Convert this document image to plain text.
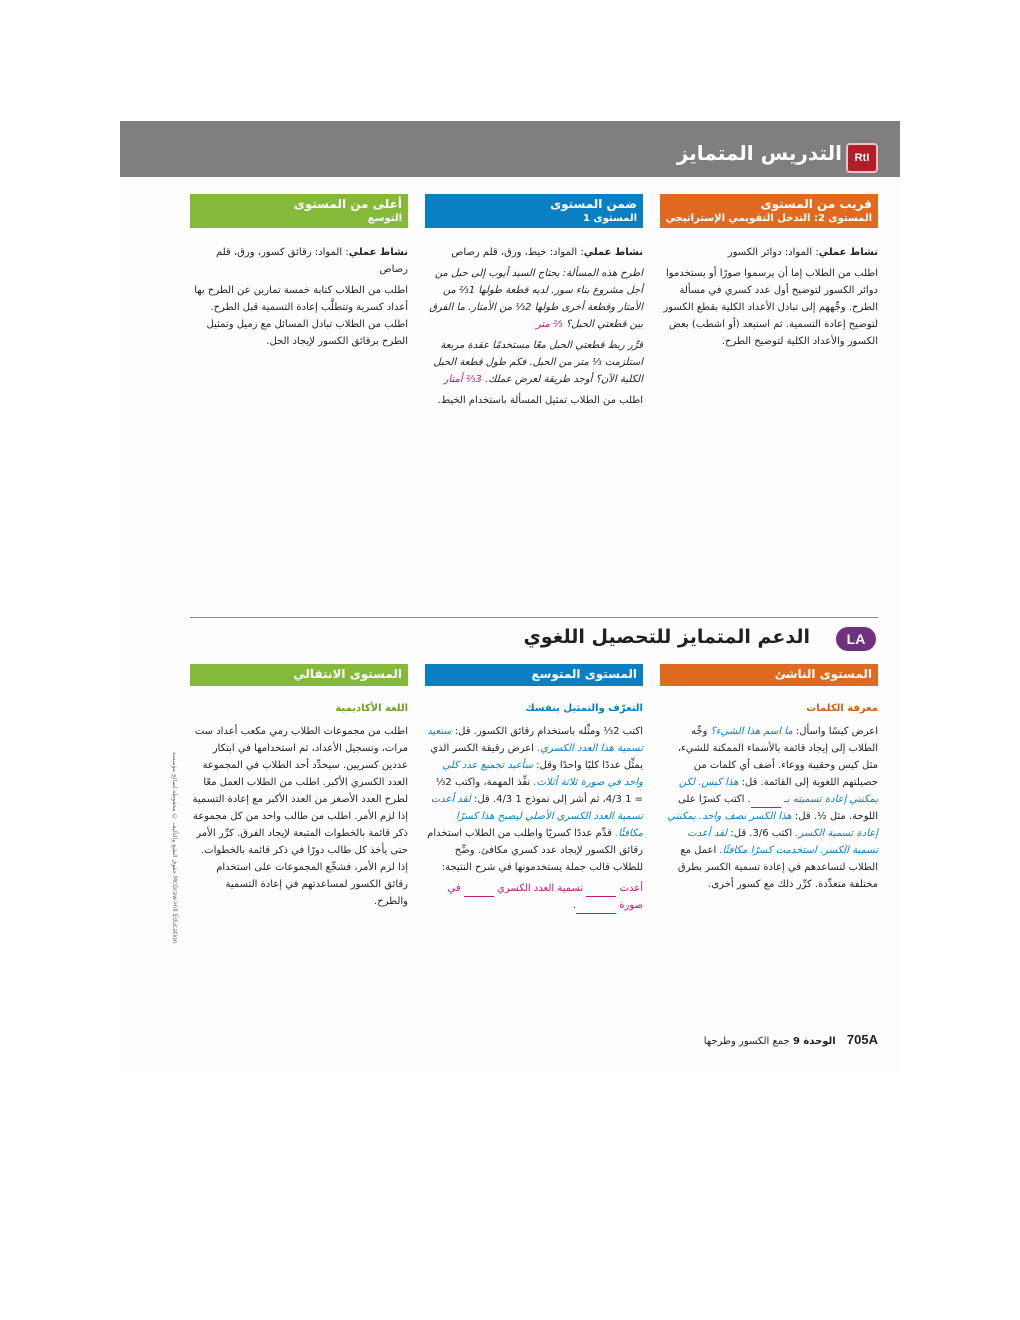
التدريس المتمايز	RtI
قريب من المستوى
المستوى 2: التدخل التقويمي الإستراتيجي
ضمن المستوى
المستوى 1
أعلى من المستوى
التوسع

نشاط عملي: المواد: دوائر الكسور

اطلب من الطلاب إما أن يرسموا صورًا أو يستخدموا دوائر الكسور لتوضيح أول عدد كسري في مسألة الطرح. وجِّههم إلى تبادل الأعداد الكلية بقطع الكسور لتوضيح إعادة التسمية. ثم استبعد (أو اشطب) بعض الكسور والأعداد الكلية لتوضيح الطرح.

نشاط عملي: المواد: خيط، ورق، قلم رصاص

اطرح هذه المسألة: يحتاج السيد أيوب إلى حبل من أجل مشروع بناء سور. لديه قطعة طولها 1⅔ من الأمتار وقطعة أخرى طولها 2⅓ من الأمتار. ما الفرق بين قطعتي الحبل؟ ⅔ متر

قرِّر ربط قطعتي الحبل معًا مستخدمًا عقدة مربعة استلزمت ⅓ متر من الحبل. فكم طول قطعة الحبل الكلية الآن؟ أوجد طريقة لعرض عملك. 3⅔ أمتار

اطلب من الطلاب تمثيل المسألة باستخدام الخيط.

نشاط عملي: المواد: رقائق كسور، ورق، قلم رصاص

اطلب من الطلاب كتابة خمسة تمارين عن الطرح بها أعداد كسرية وتتطلَّب إعادة التسمية قبل الطرح. اطلب من الطلاب تبادل المسائل مع زميل وتمثيل الطرح برقائق الكسور لإيجاد الحل.

LA
الدعم المتمايز للتحصيل اللغوي
المستوى الناشئ
المستوى المتوسع
المستوى الانتقالي
معرفة الكلمات

اعرض كيسًا واسأل: ما اسم هذا الشيء؟ وجِّه الطلاب إلى إيجاد قائمة بالأسماء الممكنة للشيء، مثل كيس وحقيبة ووعاء. أضف أي كلمات من حصيلتهم اللغوية إلى القائمة. قل: هذا كيس. لكن يمكنني إعادة تسميته بـ . اكتب كسرًا على اللوحة. مثل ½. قل: هذا الكسر نصف واحد. يمكنني إعادة تسمية الكسر. اكتب 3/6. قل: لقد أعدت تسمية الكسر. استخدمت كسرًا مكافئًا. اعمل مع الطلاب لتساعدهم في إعادة تسمية الكسر بطرق مختلفة متعدِّدة. كرِّر ذلك مع كسور أخرى.

التعرّف والتمثيل بنفسك

اكتب 2⅓ ومثِّله باستخدام رقائق الكسور. قل: سنعيد تسمية هذا العدد الكسري. اعرض رقيقة الكسر الذي يمثِّل عددًا كليًا واحدًا وقل: سأعيد تجميع عدد كلي واحد في صورة ثلاثة أثلاث. نفِّذ المهمة، واكتب 2⅓ = 1 4/3، ثم أشر إلى نموذج 1 4/3. قل: لقد أعدت تسمية العدد الكسري الأصلي ليصبح هذا كسرًا مكافئًا. قدِّم عددًا كسريًا واطلب من الطلاب استخدام رقائق الكسور لإيجاد عدد كسري مكافئ. وضِّح للطلاب قالب جملة يستخدمونها في شرح النتيجة:

أعدت  تسمية العدد الكسري  في صورة .

اللغة الأكاديمية

اطلب من مجموعات الطلاب رمي مكعب أعداد ست مرات، وتسجيل الأعداد، ثم استخدامها في ابتكار عددين كسريين. سيحدِّد أحد الطلاب في المجموعة العدد الكسري الأكبر. اطلب من الطلاب العمل معًا لطرح العدد الأصغر من العدد الأكبر مع إعادة التسمية إذا لزم الأمر. اطلب من طالب واحد من كل مجموعة ذكر قائمة بالخطوات المتبعة لإيجاد الفرق. كرِّر الأمر حتى يأخذ كل طالب دورًا في ذكر قائمة بالخطوات. إذا لزم الأمر، فشجِّع المجموعات على استخدام رقائق الكسور لمساعدتهم في إعادة التسمية والطرح.

حقوق الطبع والتأليف © محفوظة لصالح مؤسسة McGraw-Hill Education
705A الوحدة 9 جمع الكسور وطرحها
